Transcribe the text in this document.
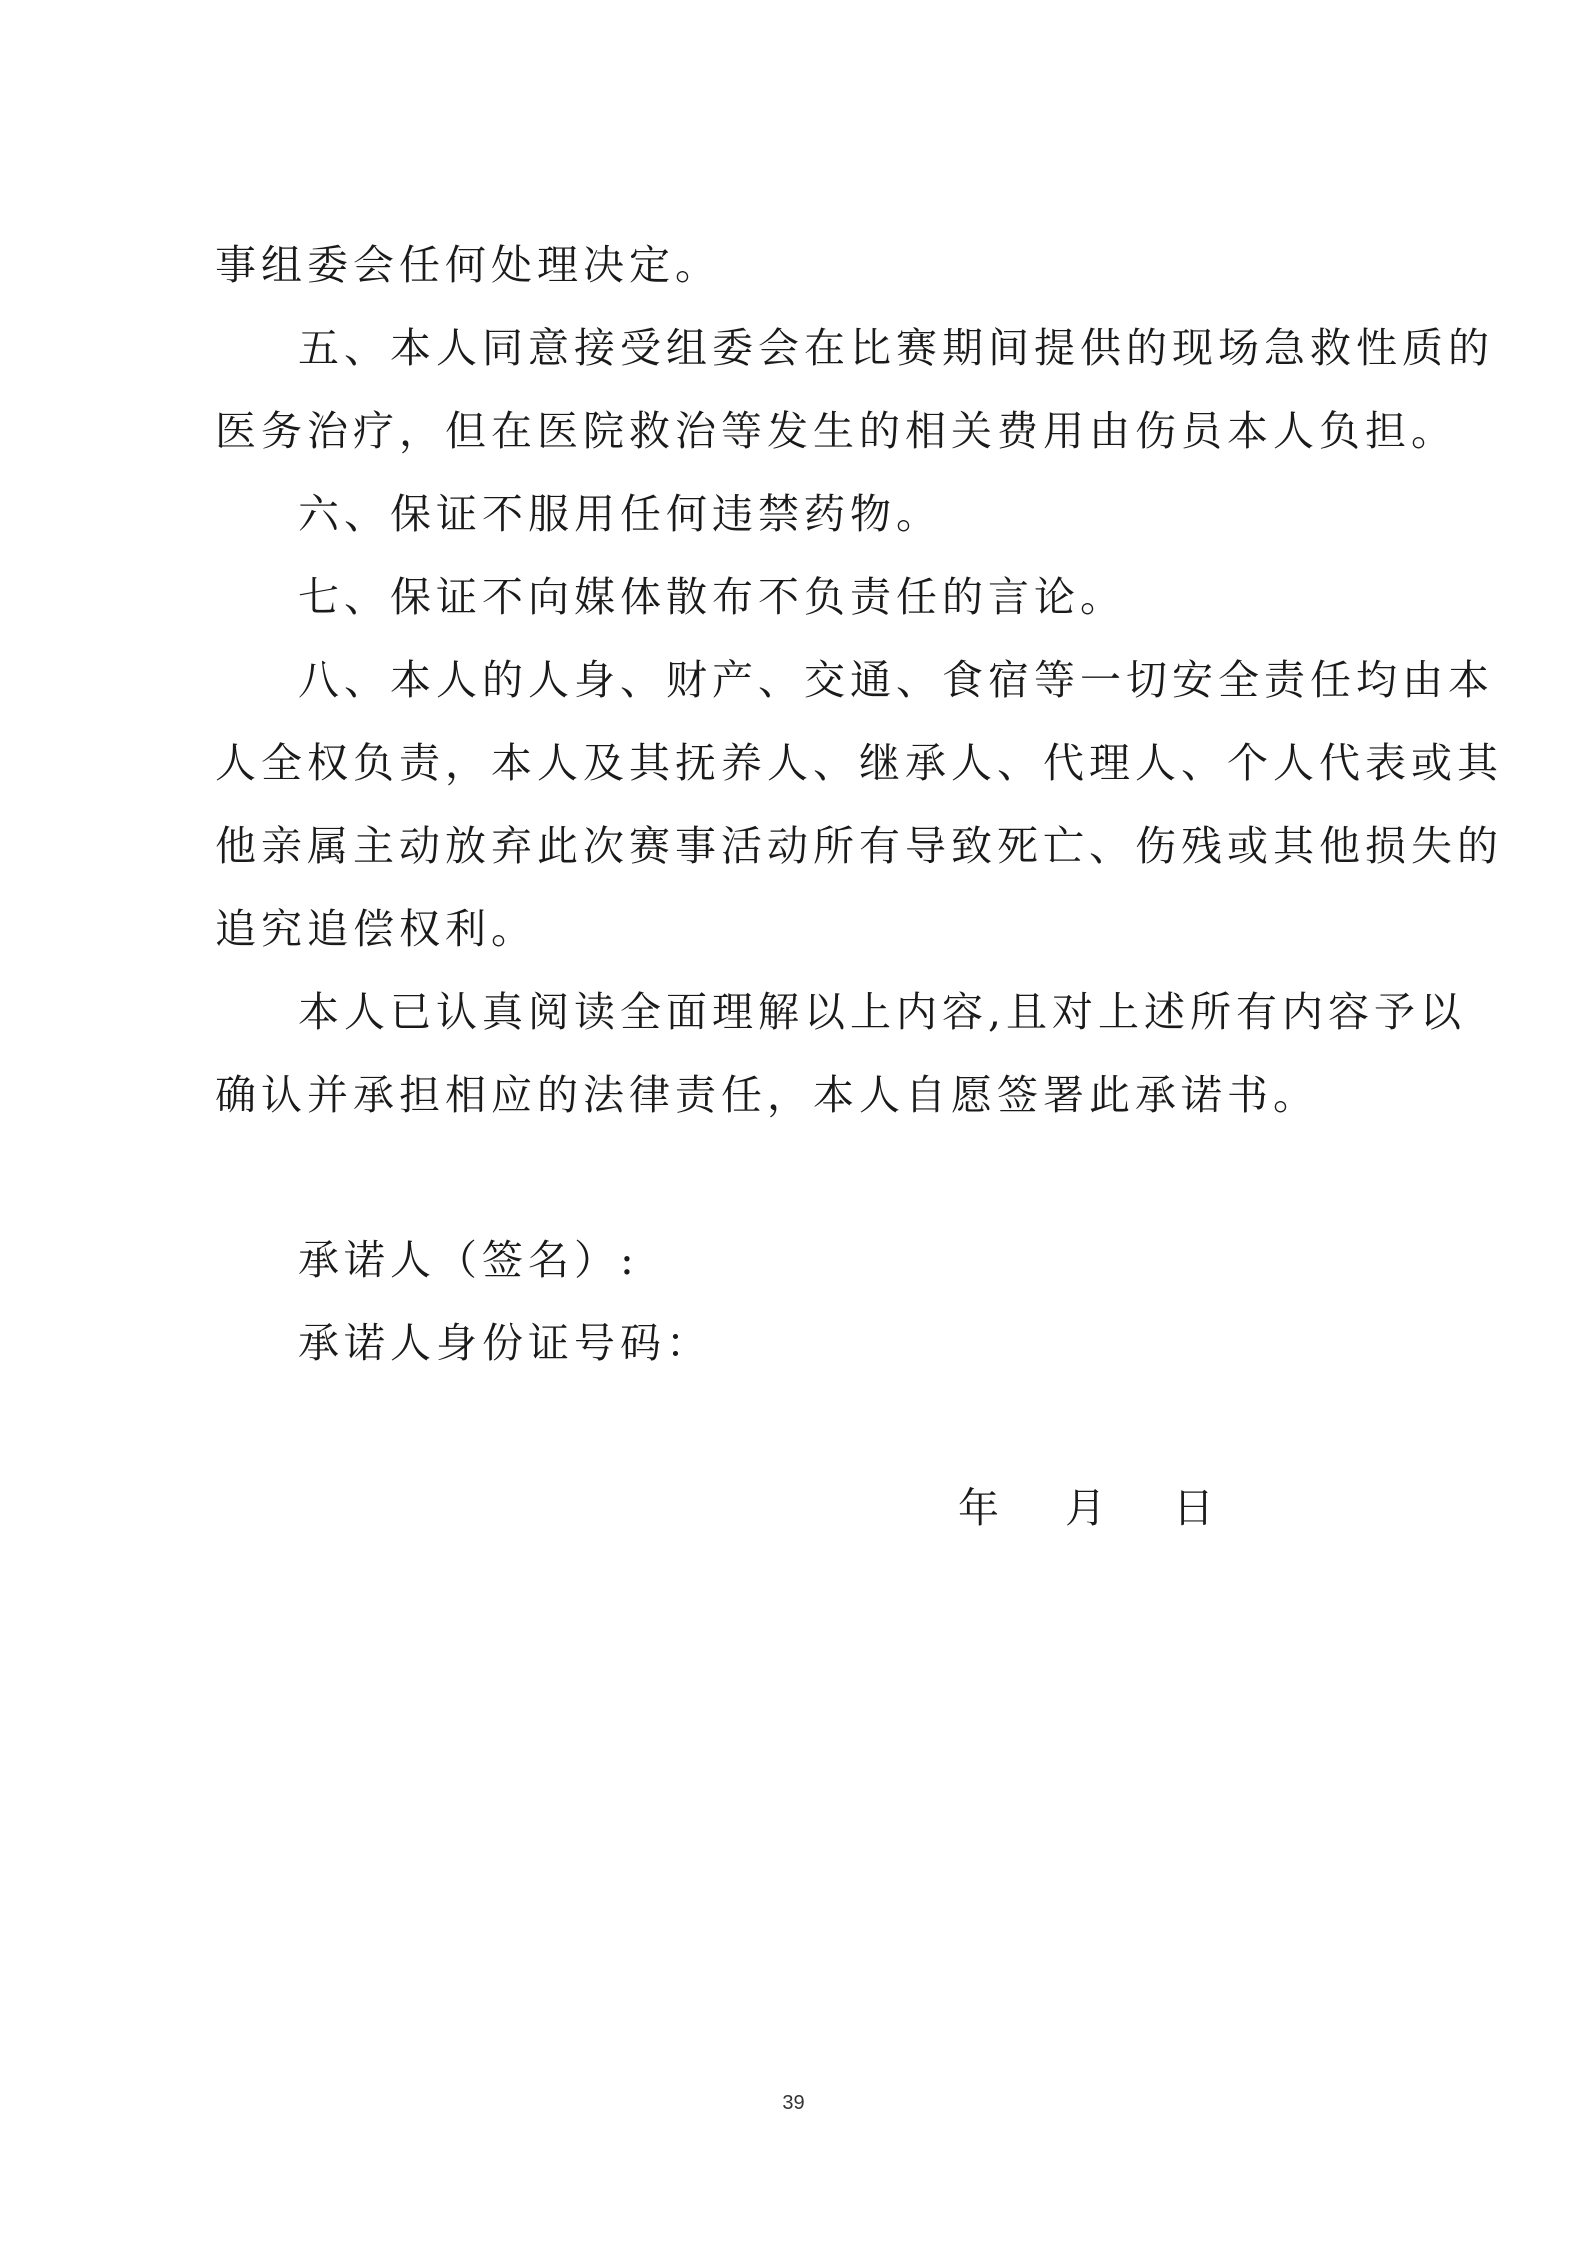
事组委会任何处理决定。
五、本人同意接受组委会在比赛期间提供的现场急救性质的
医务治疗，但在医院救治等发生的相关费用由伤员本人负担。
六、保证不服用任何违禁药物。
七、保证不向媒体散布不负责任的言论。
八、本人的人身、财产、交通、食宿等一切安全责任均由本
人全权负责，本人及其抚养人、继承人、代理人、个人代表或其
他亲属主动放弃此次赛事活动所有导致死亡、伤残或其他损失的
追究追偿权利。
本人已认真阅读全面理解以上内容,且对上述所有内容予以
确认并承担相应的法律责任，本人自愿签署此承诺书。
承诺人（签名）:
承诺人身份证号码：
年 月 日
39
